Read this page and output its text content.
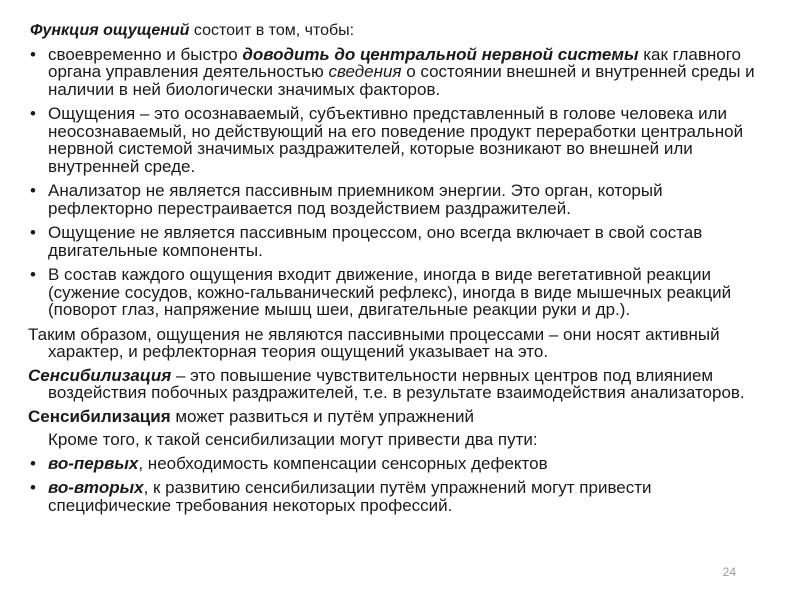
Функция ощущений состоит в том, чтобы:

• своевременно и быстро доводить до центральной нервной системы как главного органа управления деятельностью сведения о состоянии внешней и внутренней среды и наличии в ней биологически значимых факторов.

• Ощущения – это осознаваемый, субъективно представленный в голове человека или неосознаваемый, но действующий на его поведение продукт переработки центральной нервной системой значимых раздражителей, которые возникают во внешней или внутренней среде.

• Анализатор не является пассивным приемником энергии. Это орган, который рефлекторно перестраивается под воздействием раздражителей.

• Ощущение не является пассивным процессом, оно всегда включает в свой состав двигательные компоненты.

• В состав каждого ощущения входит движение, иногда в виде вегетативной реакции (сужение сосудов, кожно-гальванический рефлекс), иногда в виде мышечных реакций (поворот глаз, напряжение мышц шеи, двигательные реакции руки и др.).

Таким образом, ощущения не являются пассивными процессами – они носят активный характер, и рефлекторная теория ощущений указывает на это.

Сенсибилизация – это повышение чувствительности нервных центров под влиянием воздействия побочных раздражителей, т.е. в результате взаимодействия анализаторов.

Сенсибилизация может развиться и путём упражнений

Кроме того, к такой сенсибилизации могут привести два пути:

• во-первых, необходимость компенсации сенсорных дефектов

• во-вторых, к развитию сенсибилизации путём упражнений могут привести специфические требования некоторых профессий.

24
